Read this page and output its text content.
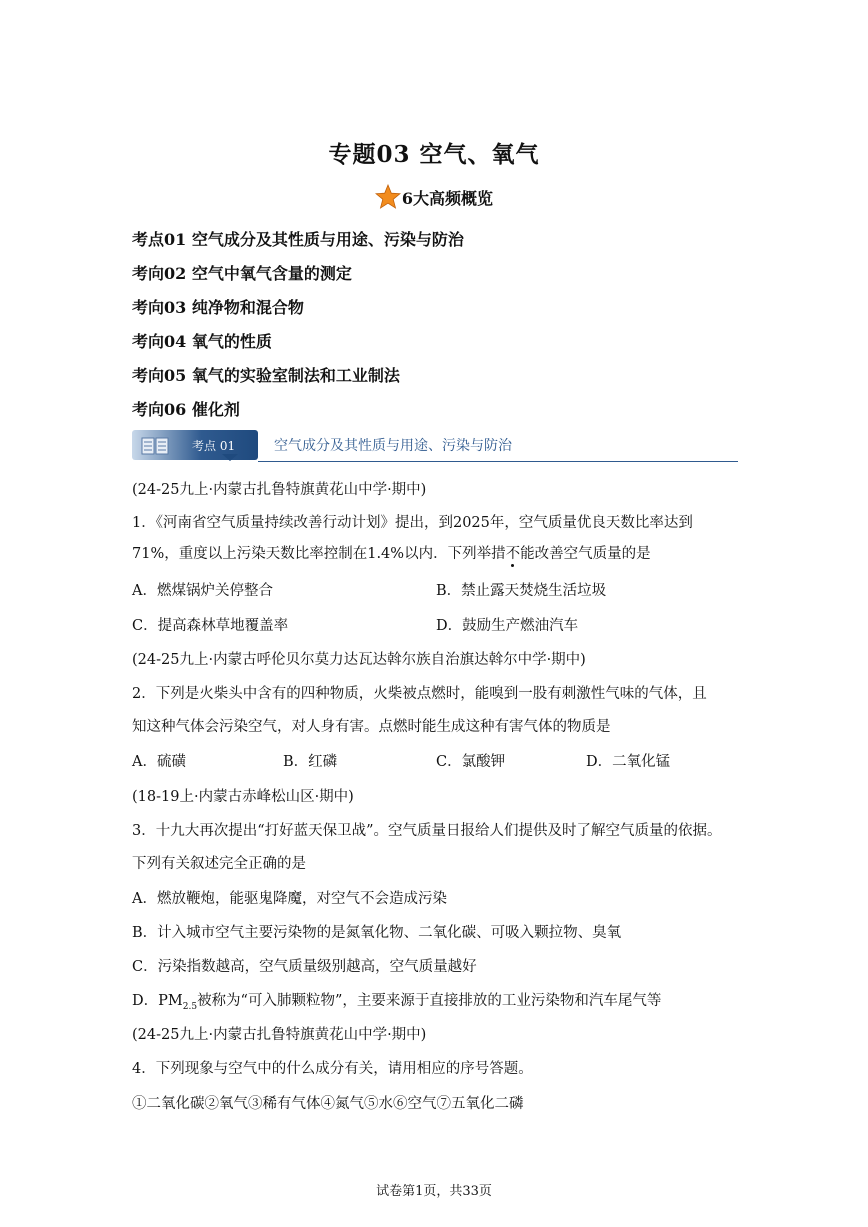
专题03 空气、氧气
6大高频概览
考点01 空气成分及其性质与用途、污染与防治
考向02 空气中氧气含量的测定
考向03 纯净物和混合物
考向04 氧气的性质
考向05 氧气的实验室制法和工业制法
考向06 催化剂
考点 01	空气成分及其性质与用途、污染与防治
(24-25九上·内蒙古扎鲁特旗黄花山中学·期中)
1．《河南省空气质量持续改善行动计划》提出，到2025年，空气质量优良天数比率达到
71%，重度以上污染天数比率控制在1.4%以内．下列举措不能改善空气质量的是
A．燃煤锅炉关停整合	B．禁止露天焚烧生活垃圾
C．提高森林草地覆盖率	D．鼓励生产燃油汽车
(24-25九上·内蒙古呼伦贝尔莫力达瓦达斡尔族自治旗达斡尔中学·期中)
2．下列是火柴头中含有的四种物质，火柴被点燃时，能嗅到一股有刺激性气味的气体，且
知这种气体会污染空气，对人身有害。点燃时能生成这种有害气体的物质是
A．硫磺	B．红磷	C．氯酸钾	D．二氧化锰
(18-19上·内蒙古赤峰松山区·期中)
3．十九大再次提出“打好蓝天保卫战”。空气质量日报给人们提供及时了解空气质量的依据。
下列有关叙述完全正确的是
A．燃放鞭炮，能驱鬼降魔，对空气不会造成污染
B．计入城市空气主要污染物的是氮氧化物、二氧化碳、可吸入颗拉物、臭氧
C．污染指数越高，空气质量级别越高，空气质量越好
D．$PM_{2.5}$被称为“可入肺颗粒物”，主要来源于直接排放的工业污染物和汽车尾气等
(24-25九上·内蒙古扎鲁特旗黄花山中学·期中)
4．下列现象与空气中的什么成分有关，请用相应的序号答题。
①二氧化碳②氧气③稀有气体④氮气⑤水⑥空气⑦五氧化二磷
试卷第1页，共33页
